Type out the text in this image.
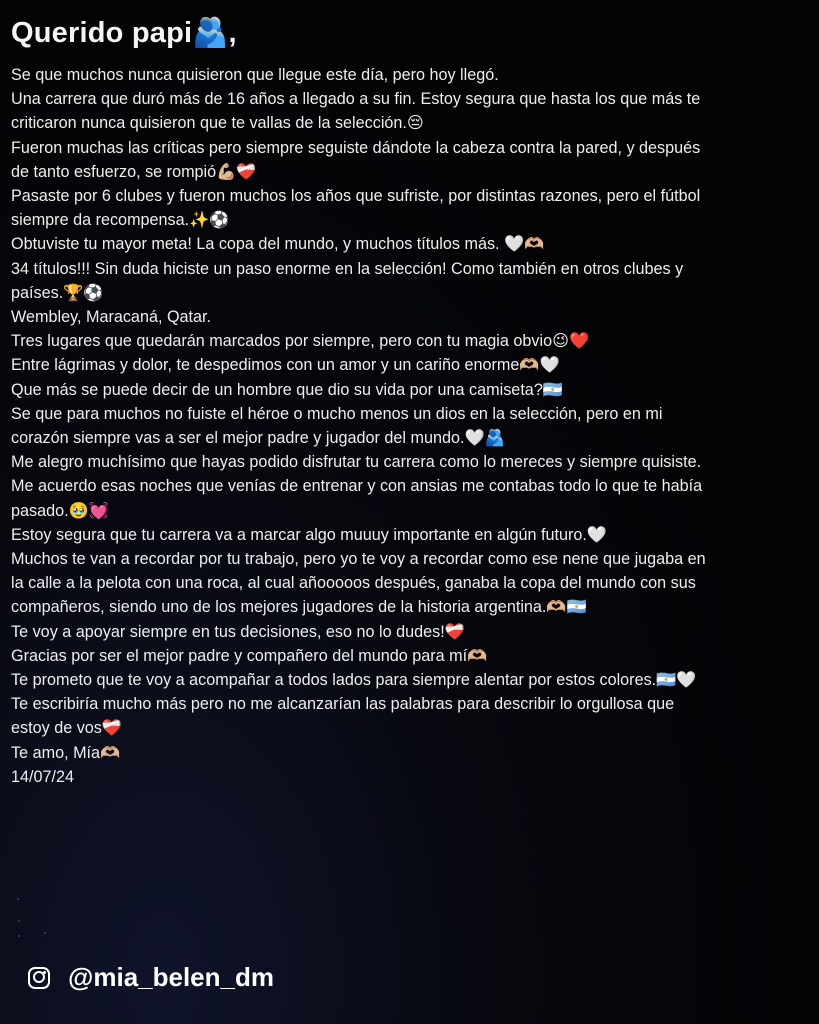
Querido papi🫂,
Se que muchos nunca quisieron que llegue este día, pero hoy llegó.
Una carrera que duró más de 16 años a llegado a su fin. Estoy segura que hasta los que más te
criticaron nunca quisieron que te vallas de la selección.😔
Fueron muchas las críticas pero siempre seguiste dándote la cabeza contra la pared, y después
de tanto esfuerzo, se rompió💪🏼❤️‍🩹
Pasaste por 6 clubes y fueron muchos los años que sufriste, por distintas razones, pero el fútbol
siempre da recompensa.✨⚽
Obtuviste tu mayor meta! La copa del mundo, y muchos títulos más. 🤍🫶🏼
34 títulos!!! Sin duda hiciste un paso enorme en la selección! Como también en otros clubes y
países.🏆⚽
Wembley, Maracaná, Qatar.
Tres lugares que quedarán marcados por siempre, pero con tu magia obvio😉❤️
Entre lágrimas y dolor, te despedimos con un amor y un cariño enorme🫶🏼🤍
Que más se puede decir de un hombre que dio su vida por una camiseta?🇦🇷
Se que para muchos no fuiste el héroe o mucho menos un dios en la selección, pero en mi
corazón siempre vas a ser el mejor padre y jugador del mundo.🤍🫂
Me alegro muchísimo que hayas podido disfrutar tu carrera como lo mereces y siempre quisiste.
Me acuerdo esas noches que venías de entrenar y con ansias me contabas todo lo que te había
pasado.🥹💓
Estoy segura que tu carrera va a marcar algo muuuy importante en algún futuro.🤍
Muchos te van a recordar por tu trabajo, pero yo te voy a recordar como ese nene que jugaba en
la calle a la pelota con una roca, al cual añooooos después, ganaba la copa del mundo con sus
compañeros, siendo uno de los mejores jugadores de la historia argentina.🫶🏼🇦🇷
Te voy a apoyar siempre en tus decisiones, eso no lo dudes!❤️‍🩹
Gracias por ser el mejor padre y compañero del mundo para mí🫶🏼
Te prometo que te voy a acompañar a todos lados para siempre alentar por estos colores.🇦🇷🤍
Te escribiría mucho más pero no me alcanzarían las palabras para describir lo orgullosa que
estoy de vos❤️‍🩹
Te amo, Mía🫶🏼
14/07/24
@mia_belen_dm
